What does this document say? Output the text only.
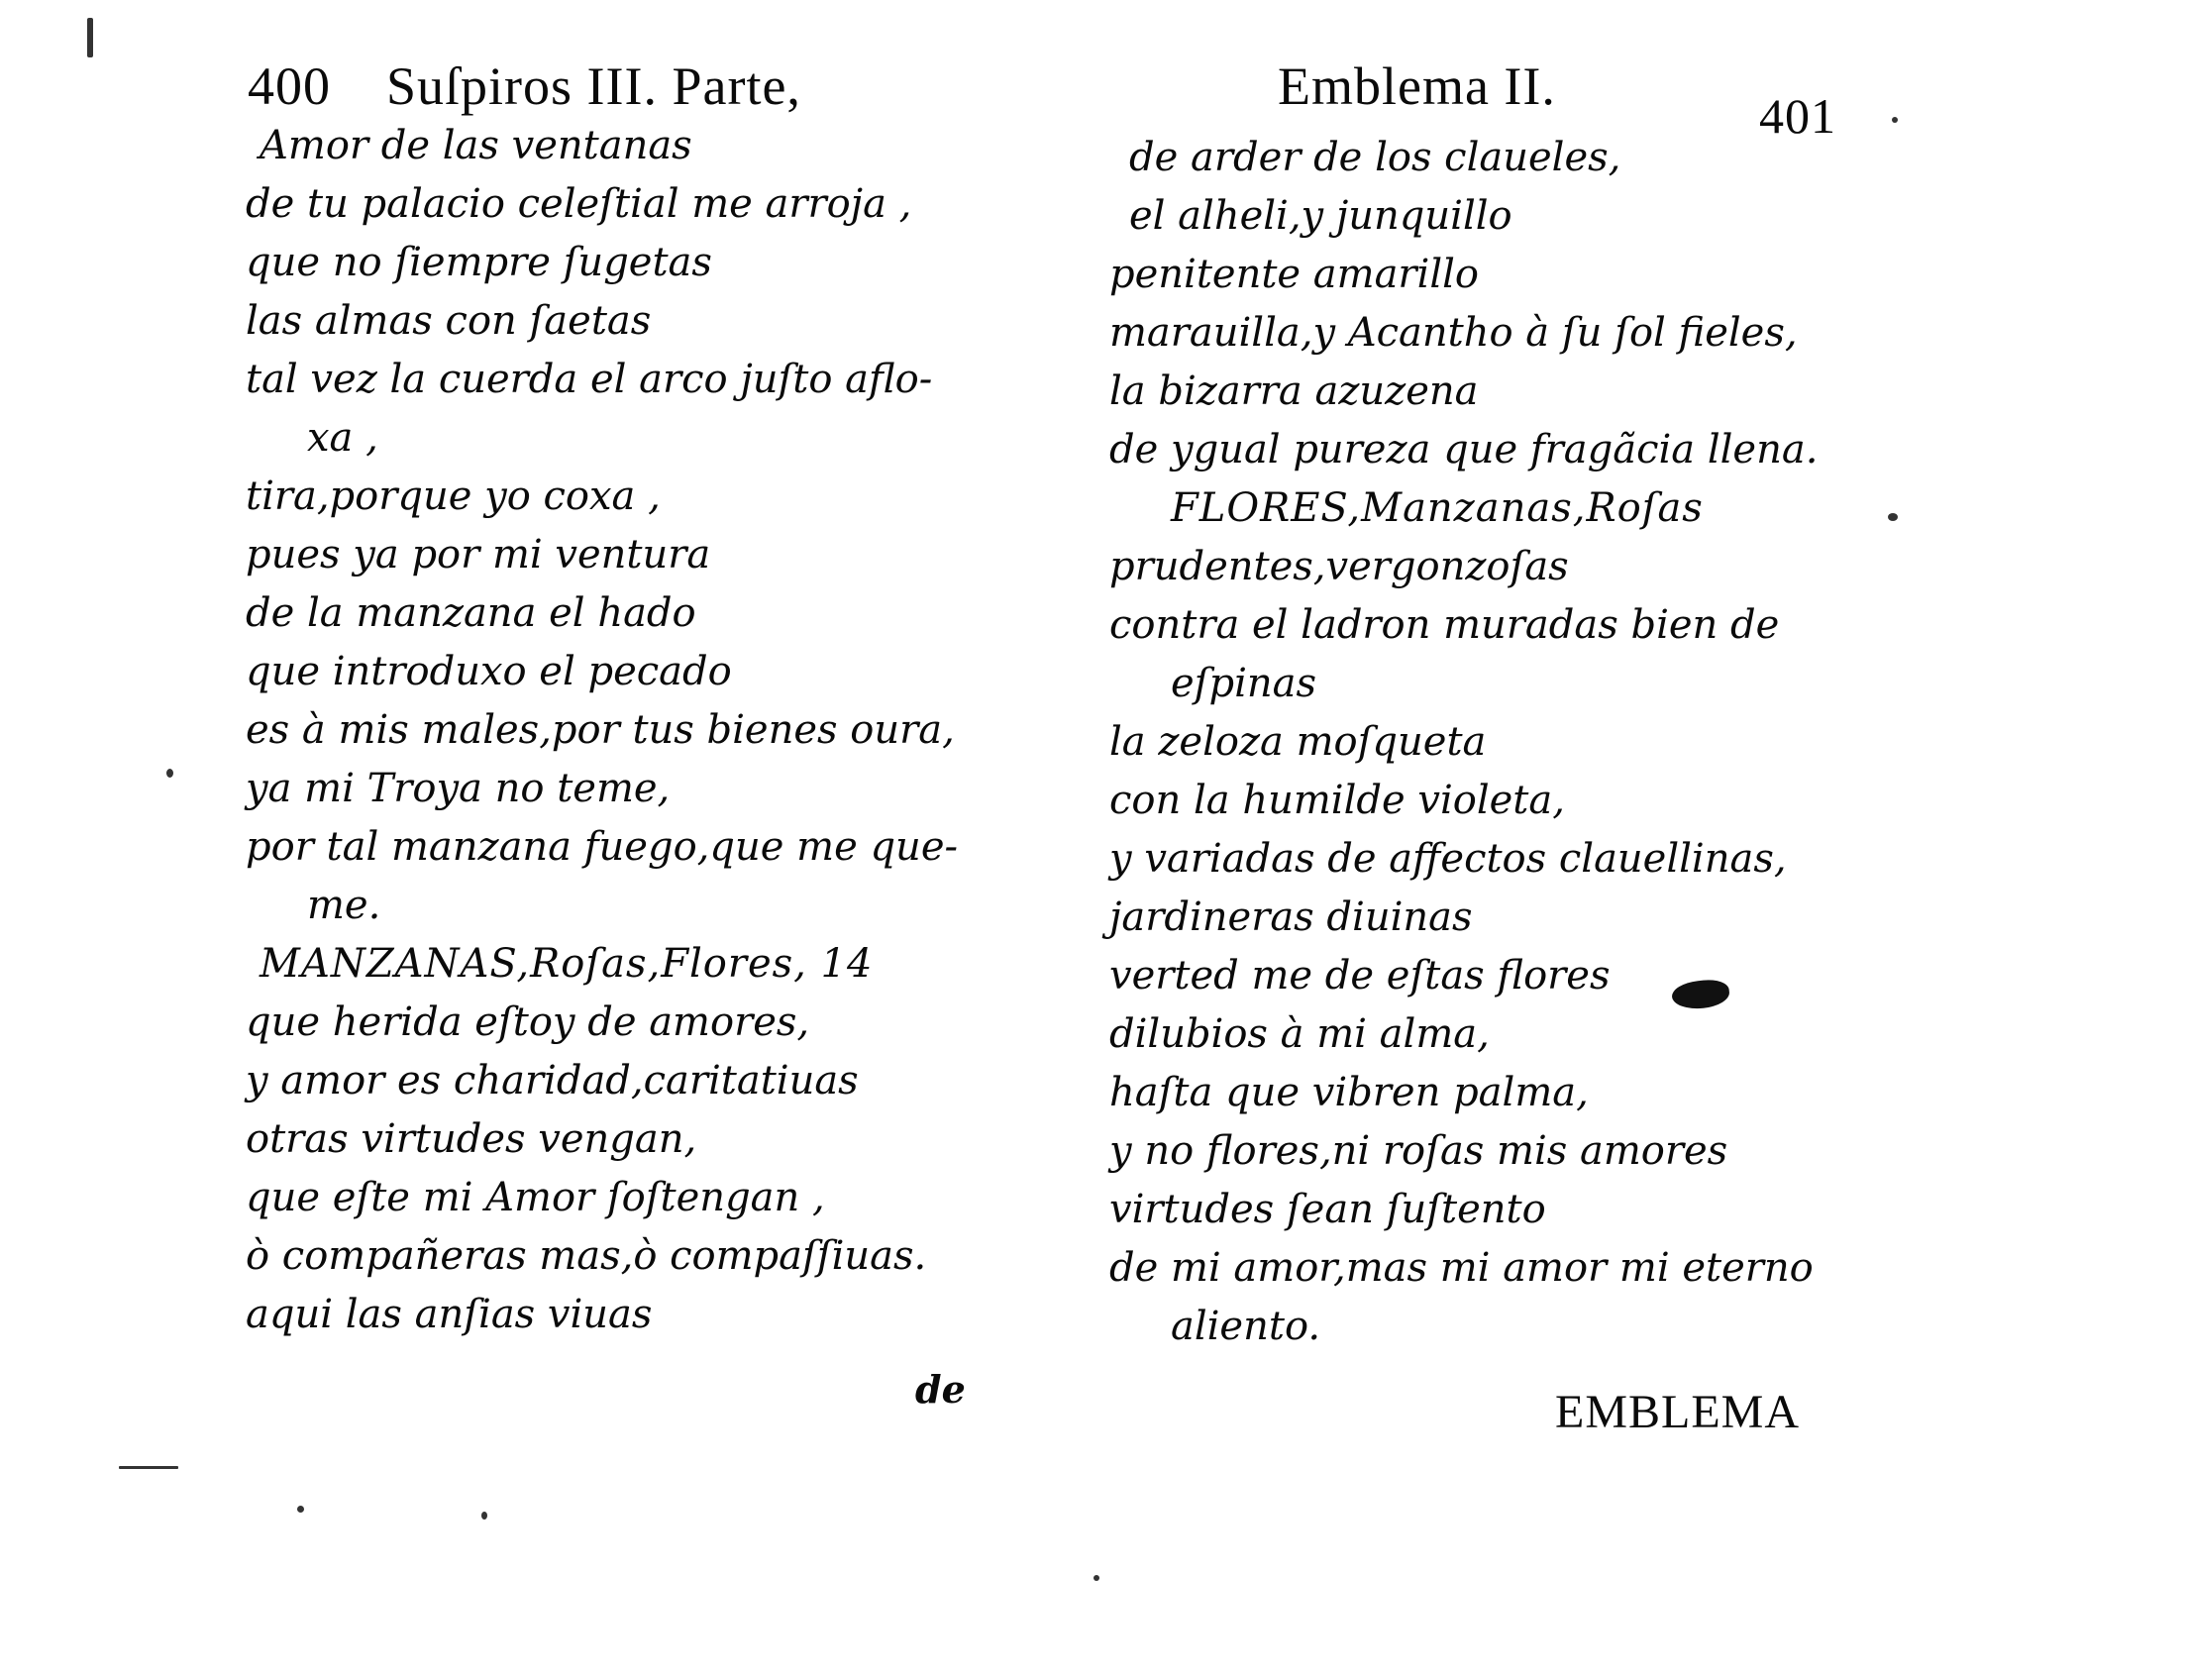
400 Suſpiros III. Parte,
Amor de las ventanas
de tu palacio celeſtial me arroja ,
que no ſiempre ſugetas
las almas con ſaetas
tal vez la cuerda el arco juſto aflo-
xa ,
tira,porque yo coxa ,
pues ya por mi ventura
de la manzana el hado
que introduxo el pecado
es à mis males,por tus bienes oura,
ya mi Troya no teme,
por tal manzana fuego,que me que-
me.
MANZANAS,Roſas,Flores, 14
que herida eſtoy de amores,
y amor es charidad,caritatiuas
otras virtudes vengan,
que eſte mi Amor ſoſtengan ,
ò compañeras mas,ò compaſſiuas.
aqui las anſias viuas
de
Emblema II.	401
de arder de los claueles,
el alheli,y junquillo
penitente amarillo
marauilla,y Acantho à ſu ſol fieles,
la bizarra azuzena
de ygual pureza que fragãcia llena.
FLORES,Manzanas,Roſas
prudentes,vergonzoſas
contra el ladron muradas bien de
eſpinas
la zeloza moſqueta
con la humilde violeta,
y variadas de affectos clauellinas,
jardineras diuinas
verted me de eſtas flores
dilubios à mi alma,
haſta que vibren palma,
y no flores,ni roſas mis amores
virtudes ſean ſuſtento
de mi amor,mas mi amor mi eterno
aliento.
EMBLEMA
